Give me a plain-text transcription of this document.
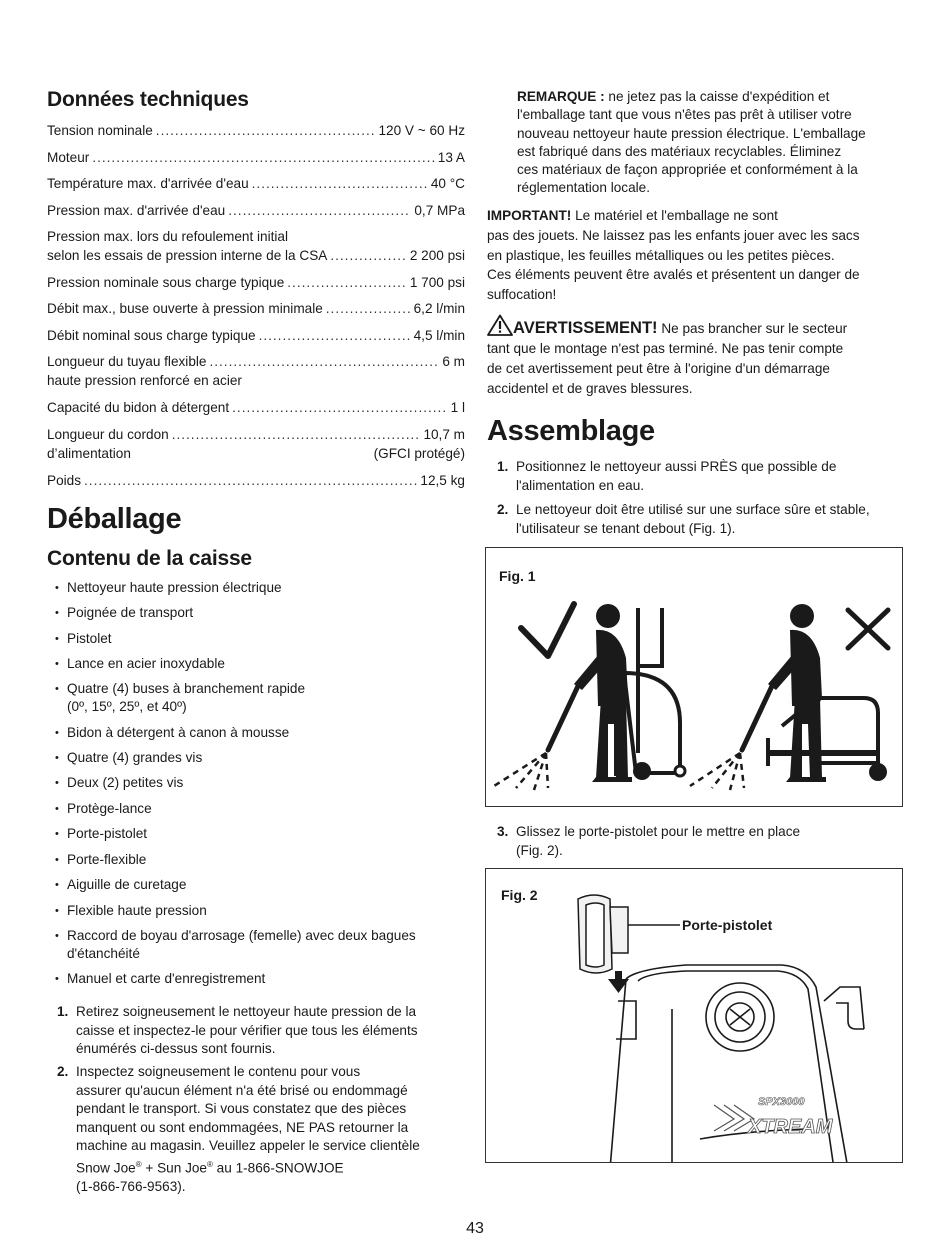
Données techniques
Tension nominale .....	120 V ~ 60 Hz
Moteur .....	13 A
Température max. d'arrivée d'eau .....	40 °C
Pression max. d'arrivée d'eau .....	0,7 MPa
Pression max. lors du refoulement initial
selon les essais de pression interne de la CSA .....	2 200 psi
Pression nominale sous charge typique .....	1 700 psi
Débit max., buse ouverte à pression minimale .....	6,2 l/min
Débit nominal sous charge typique .....	4,5 l/min
Longueur du tuyau flexible .....	6 m
haute pression renforcé en acier
Capacité du bidon à détergent .....	1 l
Longueur du cordon .....	10,7 m
d’alimentation	(GFCI protégé)
Poids .....	12,5 kg
Déballage
Contenu de la caisse
• Nettoyeur haute pression électrique
• Poignée de transport
• Pistolet
• Lance en acier inoxydable
• Quatre (4) buses à branchement rapide
(0º, 15º, 25º, et 40º)
• Bidon à détergent à canon à mousse
• Quatre (4) grandes vis
• Deux (2) petites vis
• Protège-lance
• Porte-pistolet
• Porte-flexible
• Aiguille de curetage
• Flexible haute pression
• Raccord de boyau d'arrosage (femelle) avec deux bagues
d'étanchéité
• Manuel et carte d'enregistrement
1. Retirez soigneusement le nettoyeur haute pression de la
caisse et inspectez-le pour vérifier que tous les éléments
énumérés ci-dessus sont fournis.
2. Inspectez soigneusement le contenu pour vous
assurer qu'aucun élément n'a été brisé ou endommagé
pendant le transport. Si vous constatez que des pièces
manquent ou sont endommagées, NE PAS retourner la
machine au magasin. Veuillez appeler le service clientèle
Snow Joe® + Sun Joe® au 1-866-SNOWJOE
(1-866-766-9563).
REMARQUE : ne jetez pas la caisse d'expédition et
l'emballage tant que vous n'êtes pas prêt à utiliser votre
nouveau nettoyeur haute pression électrique. L'emballage
est fabriqué dans des matériaux recyclables. Éliminez
ces matériaux de façon appropriée et conformément à la
réglementation locale.
IMPORTANT! Le matériel et l'emballage ne sont
pas des jouets. Ne laissez pas les enfants jouer avec les sacs
en plastique, les feuilles métalliques ou les petites pièces.
Ces éléments peuvent être avalés et présentent un danger de
suffocation!
AVERTISSEMENT! Ne pas brancher sur le secteur
tant que le montage n'est pas terminé. Ne pas tenir compte
de cet avertissement peut être à l'origine d'un démarrage
accidentel et de graves blessures.
Assemblage
1. Positionnez le nettoyeur aussi PRÈS que possible de
l'alimentation en eau.
2. Le nettoyeur doit être utilisé sur une surface sûre et stable,
l'utilisateur se tenant debout (Fig. 1).
Fig. 1
3. Glissez le porte-pistolet pour le mettre en place
(Fig. 2).
Fig. 2
Porte-pistolet
SPX3000
XTREAM
43
